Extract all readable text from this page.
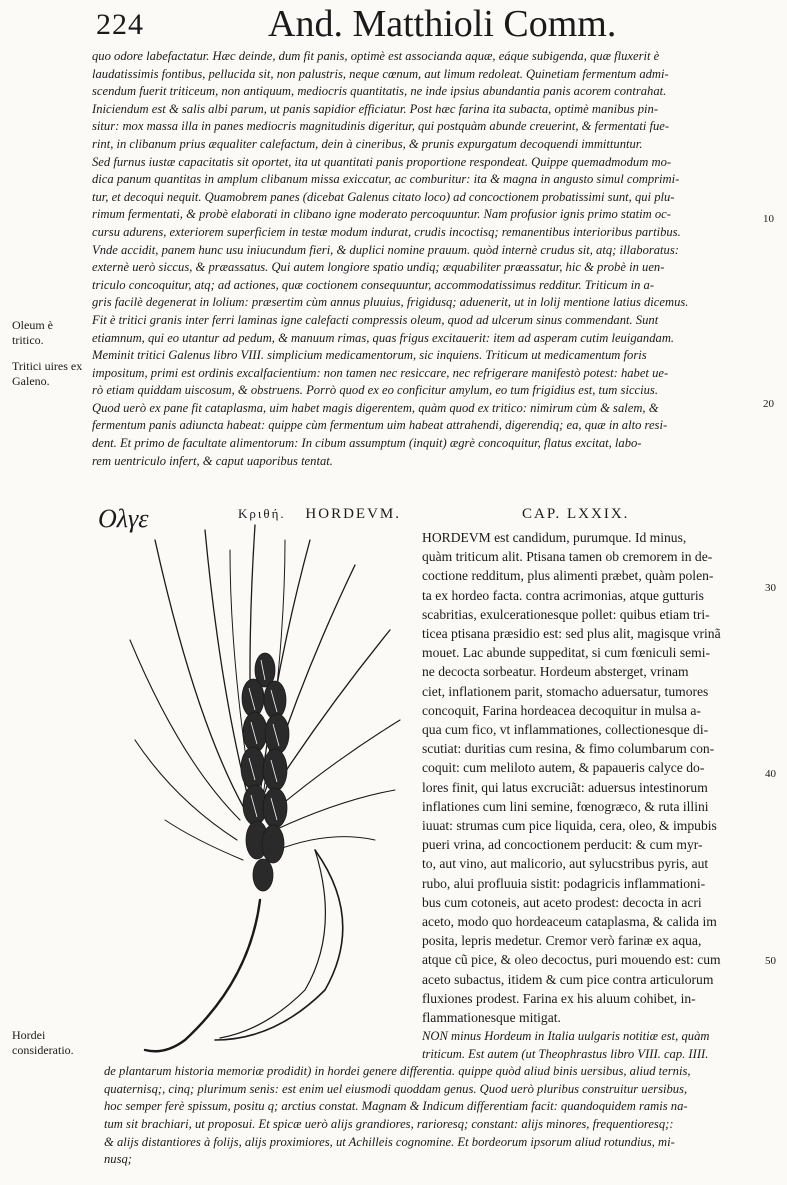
224	And. Matthioli Comm.
quo odore labefactatur. Hæc deinde, dum fit panis, optimè est associanda aquæ, eáque subigenda, quæ fluxerit è
laudatissimis fontibus, pellucida sit, non palustris, neque cœnum, aut limum redoleat. Quinetiam fermentum admi-
scendum fuerit triticeum, non antiquum, mediocris quantitatis, ne inde ipsius abundantia panis acorem contrahat.
Iniciendum est & salis albi parum, ut panis sapidior efficiatur. Post hæc farina ita subacta, optimè manibus pin-
situr: mox massa illa in panes mediocris magnitudinis digeritur, qui postquàm abunde creuerint, & fermentati fue-
rint, in clibanum prius æqualiter calefactum, dein à cineribus, & prunis expurgatum decoquendi immittuntur.
Sed furnus iustæ capacitatis sit oportet, ita ut quantitati panis proportione respondeat. Quippe quemadmodum mo-
dica panum quantitas in amplum clibanum missa exiccatur, ac comburitur: ita & magna in angusto simul comprimi-
tur, et decoqui nequit. Quamobrem panes (dicebat Galenus citato loco) ad concoctionem probatissimi sunt, qui plu-
rimum fermentati, & probè elaborati in clibano igne moderato percoquuntur. Nam profusior ignis primo statim oc-
cursu adurens, exteriorem superficiem in testæ modum indurat, crudis incoctisq; remanentibus interioribus partibus.
Vnde accidit, panem hunc usu iniucundum fieri, & duplici nomine prauum. quòd internè crudus sit, atq; illaboratus:
externè uerò siccus, & præassatus. Qui autem longiore spatio undiq; æquabiliter præassatur, hic & probè in uen-
triculo concoquitur, atq; ad actiones, quæ coctionem consequuntur, accommodatissimus redditur. Triticum in a-
gris facilè degenerat in lolium: præsertim cùm annus pluuius, frigidusq; aduenerit, ut in lolij mentione latius dicemus.
Fit è tritici granis inter ferri laminas igne calefacti compressis oleum, quod ad ulcerum sinus commendant. Sunt
etiamnum, qui eo utantur ad pedum, & manuum rimas, quas frigus excitauerit: item ad asperam cutim leuigandam.
Meminit tritici Galenus libro VIII. simplicium medicamentorum, sic inquiens. Triticum ut medicamentum foris
impositum, primi est ordinis excalfacientium: non tamen nec resiccare, nec refrigerare manifestò potest: habet ue-
rò etiam quiddam uiscosum, & obstruens. Porrò quod ex eo conficitur amylum, eo tum frigidius est, tum siccius.
Quod uerò ex pane fit cataplasma, uim habet magis digerentem, quàm quod ex tritico: nimirum cùm & salem, &
fermentum panis adiuncta habeat: quippe cùm fermentum uim habeat attrahendi, digerendiq; ea, quæ in alto resi-
dent. Et primo de facultate alimentorum: In cibum assumptum (inquit) ægrè concoquitur, flatus excitat, labo-
rem uentriculo infert, & caput uaporibus tentat.
Oleum è tritico.
Tritici uires ex Galeno.
Hordei consideratio.
10
20
30
40
50
Ολγε	Κριθή. HORDEVM.	CAP. LXXIX.
HORDEVM est candidum, purumque. Id minus,
quàm triticum alit. Ptisana tamen ob cremorem in de-
coctione redditum, plus alimenti præbet, quàm polen-
ta ex hordeo facta. contra acrimonias, atque gutturis
scabritias, exulcerationesque pollet: quibus etiam tri-
ticea ptisana præsidio est: sed plus alit, magisque vrinã
mouet. Lac abunde suppeditat, si cum fœniculi semi-
ne decocta sorbeatur. Hordeum absterget, vrinam
ciet, inflationem parit, stomacho aduersatur, tumores
concoquit, Farina hordeacea decoquitur in mulsa a-
qua cum fico, vt inflammationes, collectionesque di-
scutiat: duritias cum resina, & fimo columbarum con-
coquit: cum meliloto autem, & papaueris calyce do-
lores finit, qui latus excruciãt: aduersus intestinorum
inflationes cum lini semine, fœnogræco, & ruta illini
iuuat: strumas cum pice liquida, cera, oleo, & impubis
pueri vrina, ad concoctionem perducit: & cum myr-
to, aut vino, aut malicorio, aut sylucstribus pyris, aut
rubo, alui profluuia sistit: podagricis inflammationi-
bus cum cotoneis, aut aceto prodest: decocta in acri
aceto, modo quo hordeaceum cataplasma, & calida im
posita, lepris medetur. Cremor verò farinæ ex aqua,
atque cũ pice, & oleo decoctus, puri mouendo est: cum
aceto subactus, itidem & cum pice contra articulorum
fluxiones prodest. Farina ex his aluum cohibet, in-
flammationesque mitigat.
NON minus Hordeum in Italia uulgaris notitiæ est, quàm
triticum. Est autem (ut Theophrastus libro VIII. cap. IIII.
de plantarum historia memoriæ prodidit) in hordei genere differentia. quippe quòd aliud binis uersibus, aliud ternis,
quaternisq;, cinq; plurimum senis: est enim uel eiusmodi quoddam genus. Quod uerò pluribus construitur uersibus,
hoc semper ferè spissum, positu q; arctius constat. Magnam & Indicum differentiam facit: quandoquidem ramis na-
tum sit brachiari, ut proposui. Et spicæ uerò alijs grandiores, rarioresq; constant: alijs minores, frequentioresq;:
& alijs distantiores à folijs, alijs proximiores, ut Achilleis cognomine. Et bordeorum ipsorum aliud rotundius, mi-
nusq;
